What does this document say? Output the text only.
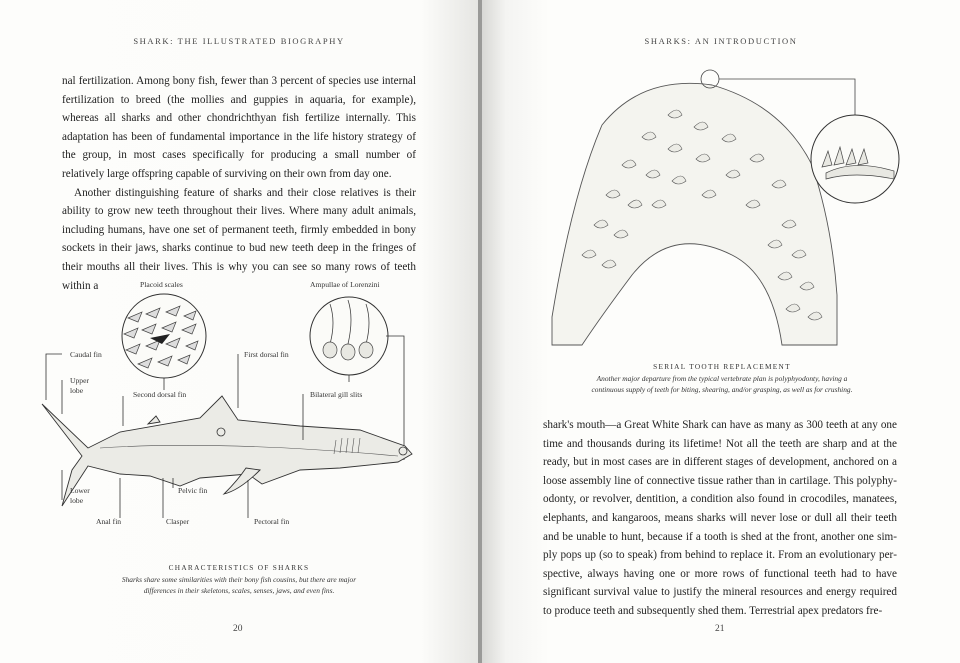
SHARK: THE ILLUSTRATED BIOGRAPHY

nal fertilization. Among bony fish, fewer than 3 percent of species use internal fertilization to breed (the mollies and guppies in aquaria, for example), whereas all sharks and other chondrichthyan fish fertilize internally. This adaptation has been of fundamental importance in the life history strategy of the group, in most cases specifically for producing a small number of relatively large offspring capable of surviving on their own from day one.

Another distinguishing feature of sharks and their close relatives is their ability to grow new teeth throughout their lives. Where many adult animals, including humans, have one set of permanent teeth, firmly embedded in bony sockets in their jaws, sharks continue to bud new teeth deep in the fringes of their mouths all their lives. This is why you can see so many rows of teeth within a	Placoid scales	Ampullae of Lorenzini
Caudal fin
Upper
lobe	Second dorsal fin
First dorsal fin
Bilateral gill slits
Lower
lobe
Pelvic fin
Anal fin	Clasper	Pectoral fin
CHARACTERISTICS OF SHARKS
Sharks share some similarities with their bony fish cousins, but there are major
differences in their skeletons, scales, senses, jaws, and even fins.
20
SHARKS: AN INTRODUCTION
SERIAL TOOTH REPLACEMENT
Another major departure from the typical vertebrate plan is polyphyodonty, having a
continuous supply of teeth for biting, shearing, and/or grasping, as well as for crushing.

shark's mouth—a Great White Shark can have as many as 300 teeth at any one time and thousands during its lifetime! Not all the teeth are sharp and at the ready, but in most cases are in different stages of development, anchored on a loose assembly line of connective tissue rather than in cartilage. This polyphyodonty, or revolver, dentition, a condition also found in crocodiles, manatees, elephants, and kangaroos, means sharks will never lose or dull all their teeth and be unable to hunt, because if a tooth is shed at the front, another one simply pops up (so to speak) from behind to replace it. From an evolutionary perspective, always having one or more rows of functional teeth had to have significant survival value to justify the mineral resources and energy required to produce teeth and subsequently shed them. Terrestrial apex predators fre-

21
